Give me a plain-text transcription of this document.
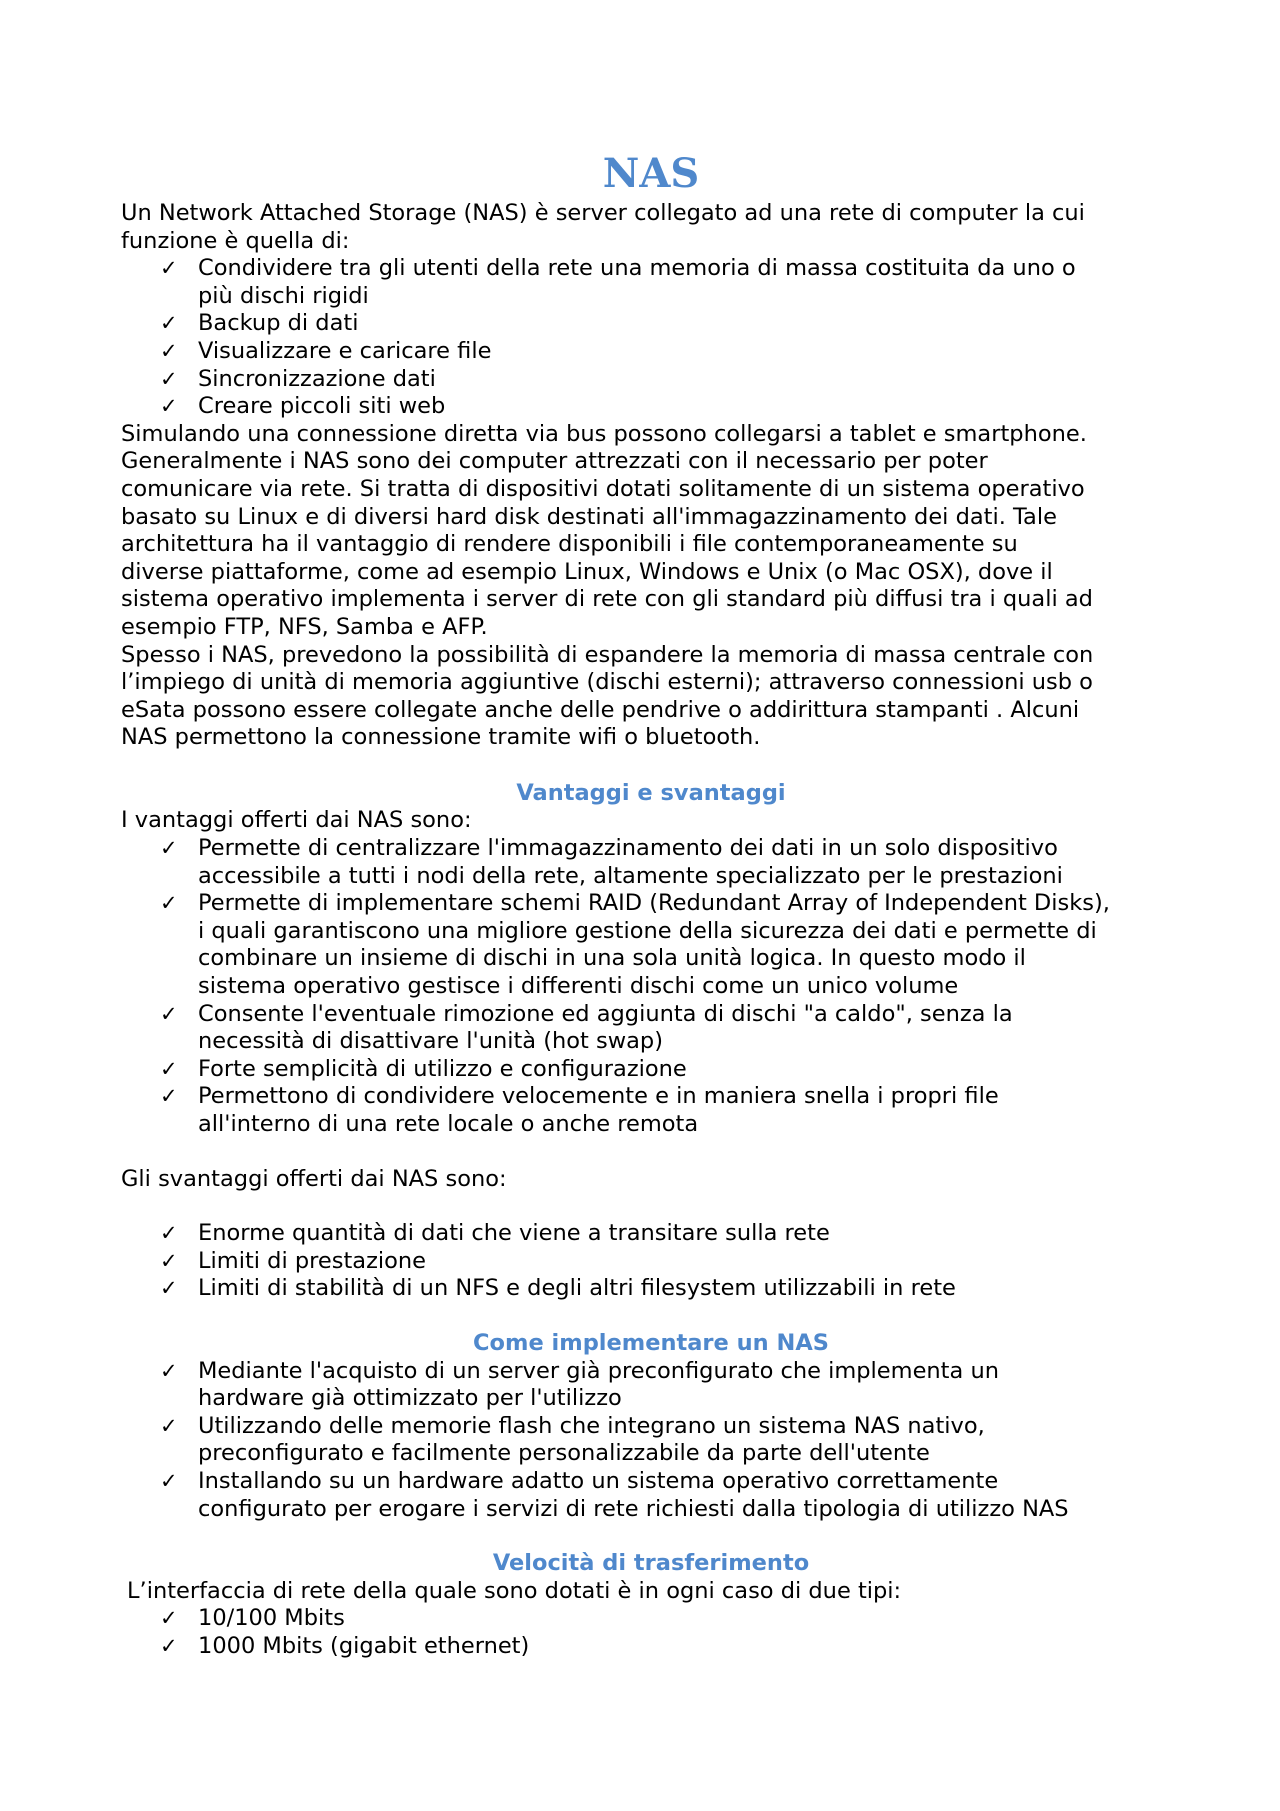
NAS

Un Network Attached Storage (NAS) è server collegato ad una rete di computer la cui

funzione è quella di:

✓ Condividere tra gli utenti della rete una memoria di massa costituita da uno o
più dischi rigidi
✓ Backup di dati
✓ Visualizzare e caricare file
✓ Sincronizzazione dati
✓ Creare piccoli siti web

Simulando una connessione diretta via bus possono collegarsi a tablet e smartphone.

Generalmente i NAS sono dei computer attrezzati con il necessario per poter

comunicare via rete. Si tratta di dispositivi dotati solitamente di un sistema operativo

basato su Linux e di diversi hard disk destinati all'immagazzinamento dei dati. Tale

architettura ha il vantaggio di rendere disponibili i file contemporaneamente su

diverse piattaforme, come ad esempio Linux, Windows e Unix (o Mac OSX), dove il

sistema operativo implementa i server di rete con gli standard più diffusi tra i quali ad

esempio FTP, NFS, Samba e AFP.

Spesso i NAS, prevedono la possibilità di espandere la memoria di massa centrale con

l’impiego di unità di memoria aggiuntive (dischi esterni); attraverso connessioni usb o

eSata possono essere collegate anche delle pendrive o addirittura stampanti . Alcuni

NAS permettono la connessione tramite wifi o bluetooth.

Vantaggi e svantaggi

I vantaggi offerti dai NAS sono:

✓ Permette di centralizzare l'immagazzinamento dei dati in un solo dispositivo
accessibile a tutti i nodi della rete, altamente specializzato per le prestazioni
✓ Permette di implementare schemi RAID (Redundant Array of Independent Disks),
i quali garantiscono una migliore gestione della sicurezza dei dati e permette di
combinare un insieme di dischi in una sola unità logica. In questo modo il
sistema operativo gestisce i differenti dischi come un unico volume
✓ Consente l'eventuale rimozione ed aggiunta di dischi "a caldo", senza la
necessità di disattivare l'unità (hot swap)
✓ Forte semplicità di utilizzo e configurazione
✓ Permettono di condividere velocemente e in maniera snella i propri file
all'interno di una rete locale o anche remota

Gli svantaggi offerti dai NAS sono:

✓ Enorme quantità di dati che viene a transitare sulla rete
✓ Limiti di prestazione
✓ Limiti di stabilità di un NFS e degli altri filesystem utilizzabili in rete
Come implementare un NAS
✓ Mediante l'acquisto di un server già preconfigurato che implementa un
hardware già ottimizzato per l'utilizzo
✓ Utilizzando delle memorie flash che integrano un sistema NAS nativo,
preconfigurato e facilmente personalizzabile da parte dell'utente
✓ Installando su un hardware adatto un sistema operativo correttamente
configurato per erogare i servizi di rete richiesti dalla tipologia di utilizzo NAS
Velocità di trasferimento

L’interfaccia di rete della quale sono dotati è in ogni caso di due tipi:

✓ 10/100 Mbits
✓ 1000 Mbits (gigabit ethernet)
